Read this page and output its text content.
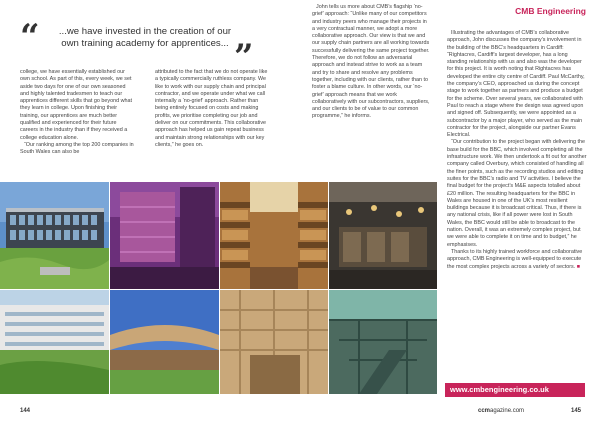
CMB Engineering
“	...we have invested in the creation of our own training academy for apprentices... ”

college, we have essentially established our own school. As part of this, every week, we set aside two days for one of our own seasoned and highly talented tradesmen to teach our apprentices different skills that go beyond what they learn in college. Upon finishing their training, our apprentices are much better qualified and experienced for their future careers in the industry than if they received a college education alone.

“Our ranking among the top 200 companies in South Wales can also be

attributed to the fact that we do not operate like a typically commercially ruthless company. We like to work with our supply chain and principal contractor, and we operate under what we call internally a ‘no-grief’ approach. Rather than being entirely focused on costs and making profits, we prioritise completing our job and deliver on our commitments. This collaborative approach has helped us gain repeat business and maintain strong relationships with our key clients,” he goes on.

John tells us more about CMB’s flagship ‘no-grief’ approach: “Unlike many of our competitors and industry peers who manage their projects in a very contractual manner, we adopt a more collaborative approach. Our view is that we and our supply chain partners are all working towards successfully delivering the same project together. Therefore, we do not follow an adversarial approach and instead strive to work as a team and try to share and resolve any problems together, including with our clients, rather than to foster a blame culture. In other words, our ‘no-grief’ approach means that we work collaboratively with our subcontractors, suppliers, and our clients to be of value to our common programme,” he informs.

Illustrating the advantages of CMB’s collaborative approach, John discusses the company’s involvement in the building of the BBC’s headquarters in Cardiff: “Rightacres, Cardiff’s largest developer, has a long standing relationship with us and also was the developer for this project. It is worth noting that Rightacres has developed the entire city centre of Cardiff. Paul McCarthy, the company’s CEO, approached us during the concept stage to work together as partners and produce a budget for the scheme. Over several years, we collaborated with Paul to reach a stage where the design was agreed upon and signed off. Subsequently, we were appointed as a subcontractor by a major player, who served as the main contractor for the project, alongside our partner Evans Electrical.

“Our contribution to the project began with delivering the base build for the BBC, which involved completing all the infrastructure work. We then undertook a fit out for another company called Overbury, which consisted of handling all the finer points, such as the recording studios and editing suites for the BBC’s radio and TV activities. I believe the final budget for the project’s M&E aspects totalled about £20 million. The resulting headquarters for the BBC in Wales are housed in one of the UK’s most resilient buildings because it is broadcast critical. Thus, if there is any national crisis, like if all power were lost in South Wales, the BBC would still be able to broadcast to the nation. Overall, it was an extremely complex project, but we were able to complete it on time and to budget,” he emphasises.

Thanks to its highly trained workforce and collaborative approach, CMB Engineering is well-equipped to execute the most complex projects across a variety of sectors. ■

www.cmbengineering.co.uk
144	ccmagazine.com	145
